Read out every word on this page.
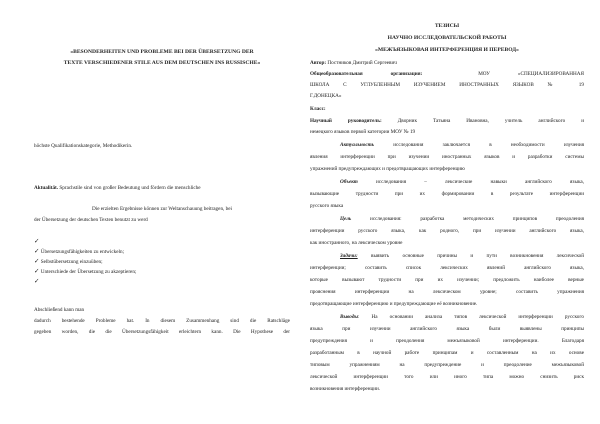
«BESONDERHEITEN UND PROBLEME BEI DER ÜBERSETZUNG DER
TEXTE VERSCHIEDENER STILE AUS DEM DEUTSCHEN INS RUSSISCHE»
höchste Qualifikationskategorie, Methodikerin.
Aktualität. Sprachstile sind von großer Bedeutung und fördern die menschliche
Die erzielten Ergebnisse können zur Weltanschauung beitragen, bei
der Übersetzung der deutschen Texten benutzt zu werd
✓
✓ Übersetzungsfähigkeiten zu entwickeln;
✓ Selbstübersetzung einzuüben;
✓ Unterschiede der Übersetzung zu akzeptieren;
✓
Abschließend kann man
dadurch bestehende Probleme hat. In diesem Zusammenhang sind die Ratschläge
gegeben worden, die die Übersetzungsfähigkeit erleichtern kann. Die Hypothese der
ТЕЗИСЫ
НАУЧНО ИССЛЕДОВАТЕЛЬСКОЙ РАБОТЫ
«МЕЖЪЯЗЫКОВАЯ ИНТЕРФЕРЕНЦИЯ И ПЕРЕВОД»
Автор: Постников Дмитрий Сергеевич
Общеобразовательная организация:	МОУ «СПЕЦИАЛИЗИРОВАННАЯ
ШКОЛА С УГЛУБЛЕННЫМ ИЗУЧЕНИЕМ ИНОСТРАННЫХ ЯЗЫКОВ № 19
Г.ДОНЕЦКА»
Класс:
Научный руководитель: Дворник Татьяна Ивановна, учитель английского и
немецкого языков первой категории МОУ № 19
Актуальность исследования заключается в необходимости изучения
явления интерференции при изучении иностранных языков и разработки системы
упражнений предупреждающих и предотвращающих интерференцию
Объект исследования – лексические навыки английского языка,
вызывающие трудности при их формировании в результате интерференции
русского языка
Цель исследования: разработка методических принципов преодоления
интерференции русского языка, как родного, при изучении английского языка,
как иностранного, на лексическом уровне
Задачи: выявить основные причины и пути возникновения лексической
интерференции; составить список лексических явлений английского языка,
которые вызывают трудности при их изучении; предложить наиболее верные
прояснения интерференции на лексическом уровне; составить упражнения
предотвращающие интерференцию и предупреждающие её возникновение.
Выводы: На основании анализа типов лексической интерференции русского
языка при изучении английского языка были выявлены принципы
предупреждения и преодоления межъязыковой интерференции. Благодаря
разработанным в научной работе принципам и составленным на их основе
типовым упражнениям на предупреждение и преодоление межъязыковой
лексической интерференции того или иного типа можно снизить риск
возникновения интерференции.
